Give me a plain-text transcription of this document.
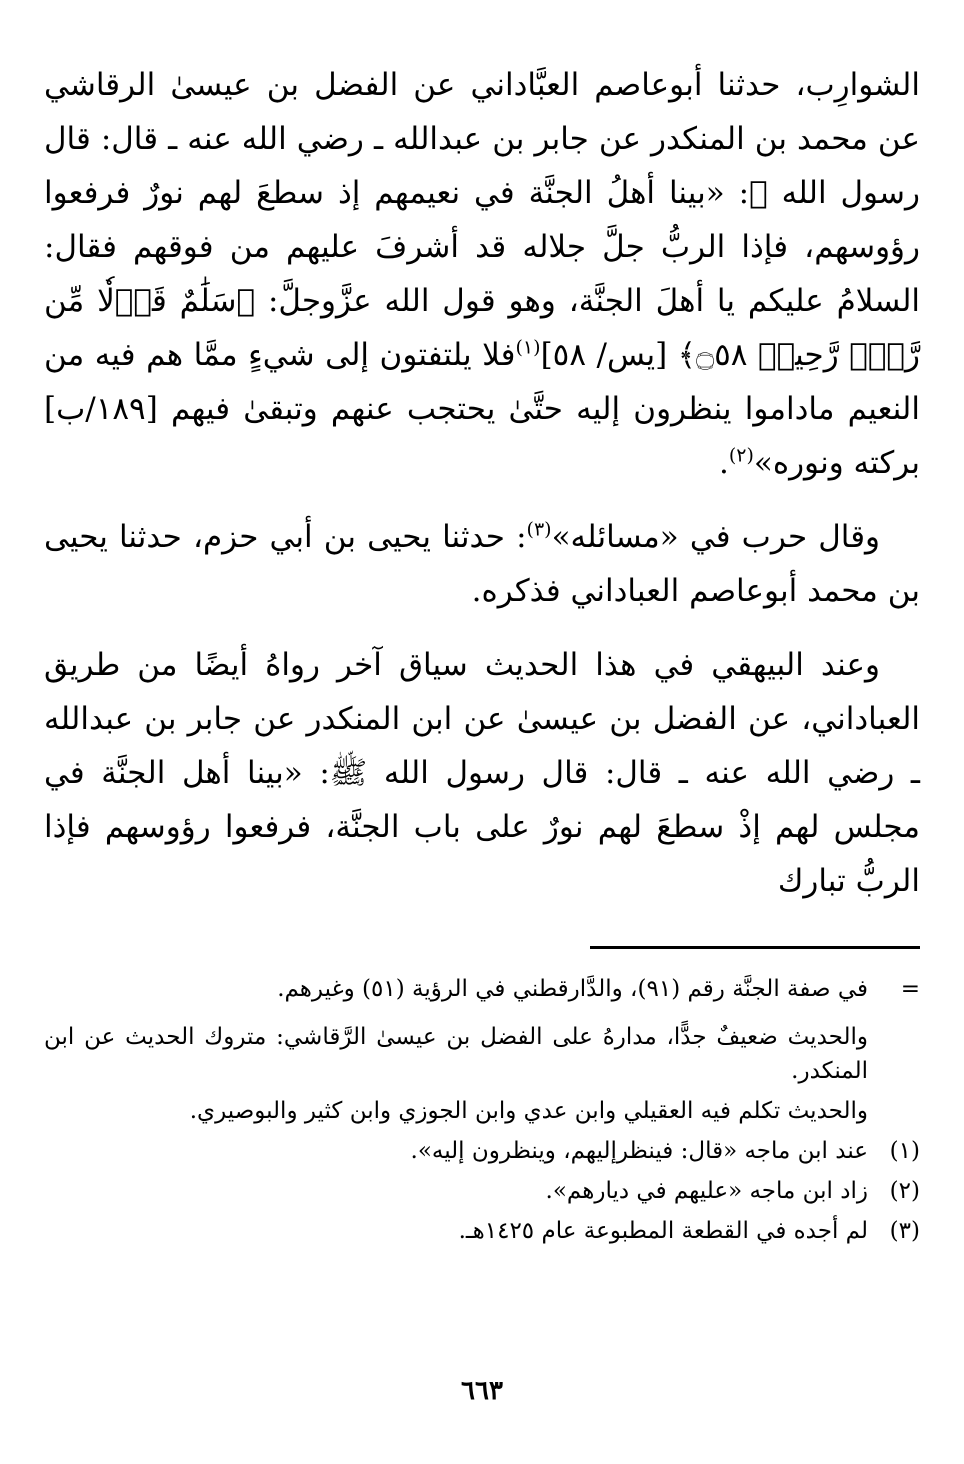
الشوارِب، حدثنا أبوعاصم العبَّاداني عن الفضل بن عيسىٰ الرقاشي عن محمد بن المنكدر عن جابر بن عبدالله ـ رضي الله عنه ـ قال: قال رسول الله ﷺ: «بينا أهلُ الجنَّة في نعيمهم إذ سطعَ لهم نورٌ فرفعوا رؤوسهم، فإذا الربُّ جلَّ جلاله قد أشرفَ عليهم من فوقهم فقال: السلامُ عليكم يا أهلَ الجنَّة، وهو قول الله عزَّوجلَّ: ﴿سَلَٰمٌ قَوۡلٗا مِّن رَّبّٖ رَّحِيمٖ ۝٥٨﴾ [يس/ ٥٨]$^{(١)}$فلا يلتفتون إلى شيءٍ ممَّا هم فيه من النعيم ماداموا ينظرون إليه حتَّىٰ يحتجب عنهم وتبقىٰ فيهم [١٨٩/ب] بركته ونوره»$^{(٢)}$.

وقال حرب في «مسائله»$^{(٣)}$: حدثنا يحيى بن أبي حزم، حدثنا يحيى بن محمد أبوعاصم العباداني فذكره.

وعند البيهقي في هذا الحديث سياق آخر رواهُ أيضًا من طريق العباداني، عن الفضل بن عيسىٰ عن ابن المنكدر عن جابر بن عبدالله ـ رضي الله عنه ـ قال: قال رسول الله ﷺ: «بينا أهل الجنَّة في مجلس لهم إذْ سطعَ لهم نورٌ على باب الجنَّة، فرفعوا رؤوسهم فإذا الربُّ تبارك

=
في صفة الجنَّة رقم (٩١)، والدَّارقطني في الرؤية (٥١) وغيرهم.

والحديث ضعيفٌ جدًّا، مدارهُ على الفضل بن عيسىٰ الرَّقاشي: متروك الحديث عن ابن المنكدر.

والحديث تكلم فيه العقيلي وابن عدي وابن الجوزي وابن كثير والبوصيري.

(١)
عند ابن ماجه «قال: فينظرإليهم، وينظرون إليه».
(٢)
زاد ابن ماجه «عليهم في ديارهم».
(٣)
لم أجده في القطعة المطبوعة عام ١٤٢٥هـ.
٦٦٣
